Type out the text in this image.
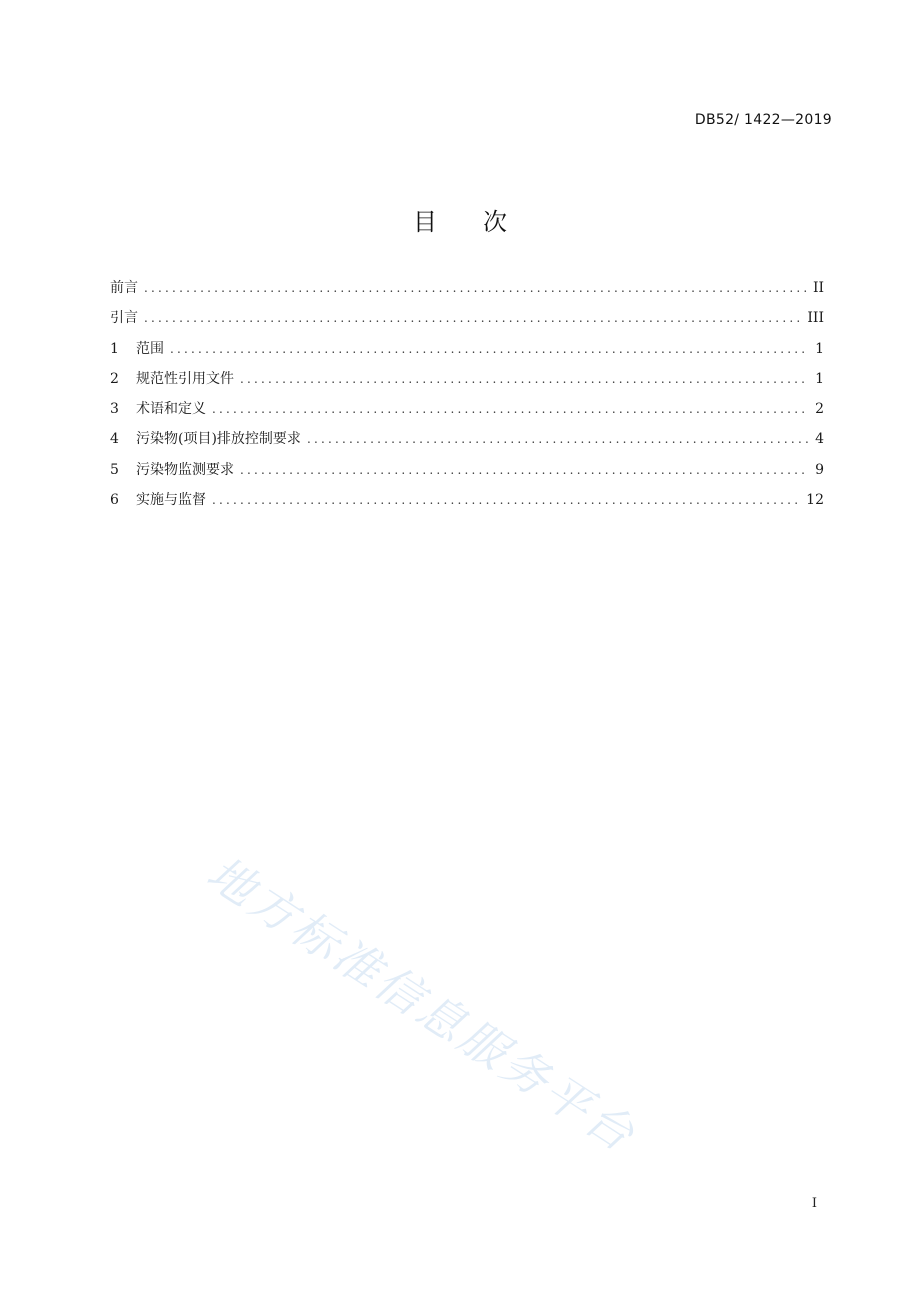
DB52/ 1422—2019
目 次
前言 .....	II
引言 .....	III
1	范围 .....	1
2	规范性引用文件 .....	1
3	术语和定义 .....	2
4	污染物(项目)排放控制要求 .....	4
5	污染物监测要求 .....	9
6	实施与监督 .....	12
地方标准信息服务平台
I
